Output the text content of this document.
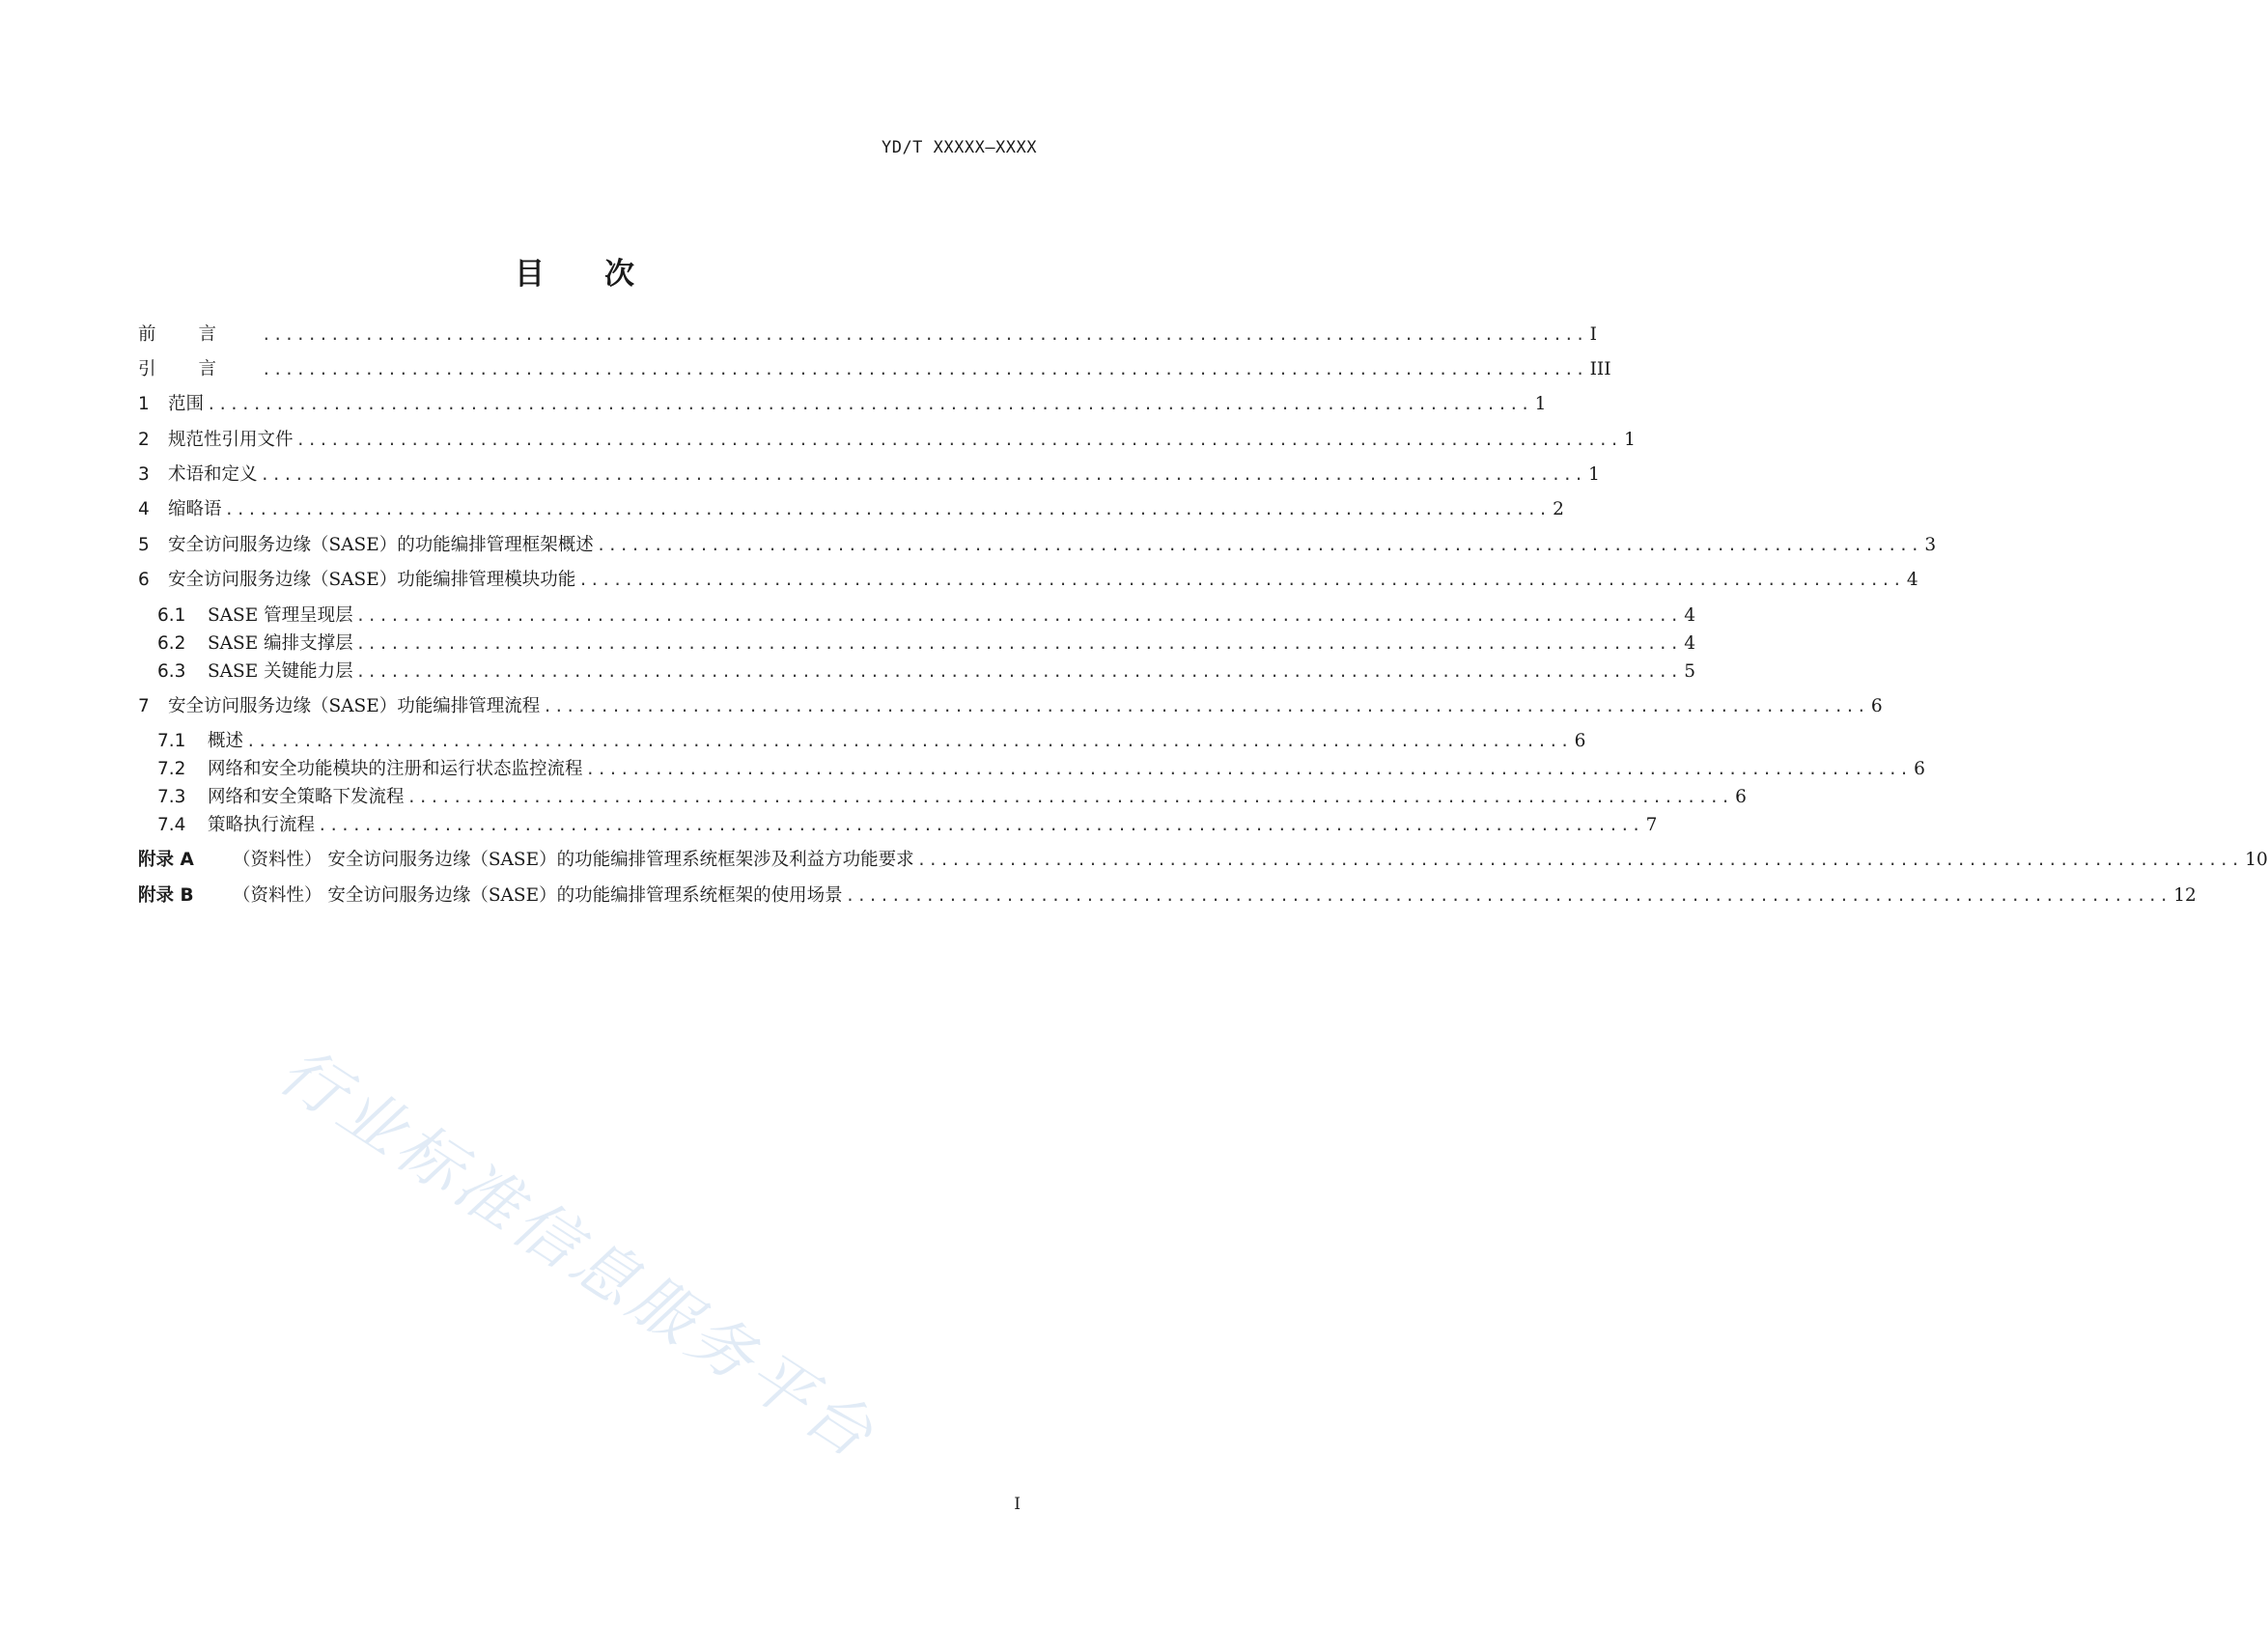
YD/T XXXXX—XXXX
目 次
前言 .................................................................................................................... I
引言 .................................................................................................................... III
1	范围 .................................................................................................................... 1
2	规范性引用文件 .................................................................................................................... 1
3	术语和定义 .................................................................................................................... 1
4	缩略语 .................................................................................................................... 2
5	安全访问服务边缘（SASE）的功能编排管理框架概述 .................................................................................................................... 3
6	安全访问服务边缘（SASE）功能编排管理模块功能 .................................................................................................................... 4
6.1	SASE 管理呈现层 .................................................................................................................... 4
6.2	SASE 编排支撑层 .................................................................................................................... 4
6.3	SASE 关键能力层 .................................................................................................................... 5
7	安全访问服务边缘（SASE）功能编排管理流程 .................................................................................................................... 6
7.1	概述 .................................................................................................................... 6
7.2	网络和安全功能模块的注册和运行状态监控流程 .................................................................................................................... 6
7.3	网络和安全策略下发流程 .................................................................................................................... 6
7.4	策略执行流程 .................................................................................................................... 7
附录 A	（资料性） 安全访问服务边缘（SASE）的功能编排管理系统框架涉及利益方功能要求 .................................................................................................................... 10
附录 B	（资料性） 安全访问服务边缘（SASE）的功能编排管理系统框架的使用场景 .................................................................................................................... 12
行业标准信息服务平台
I
